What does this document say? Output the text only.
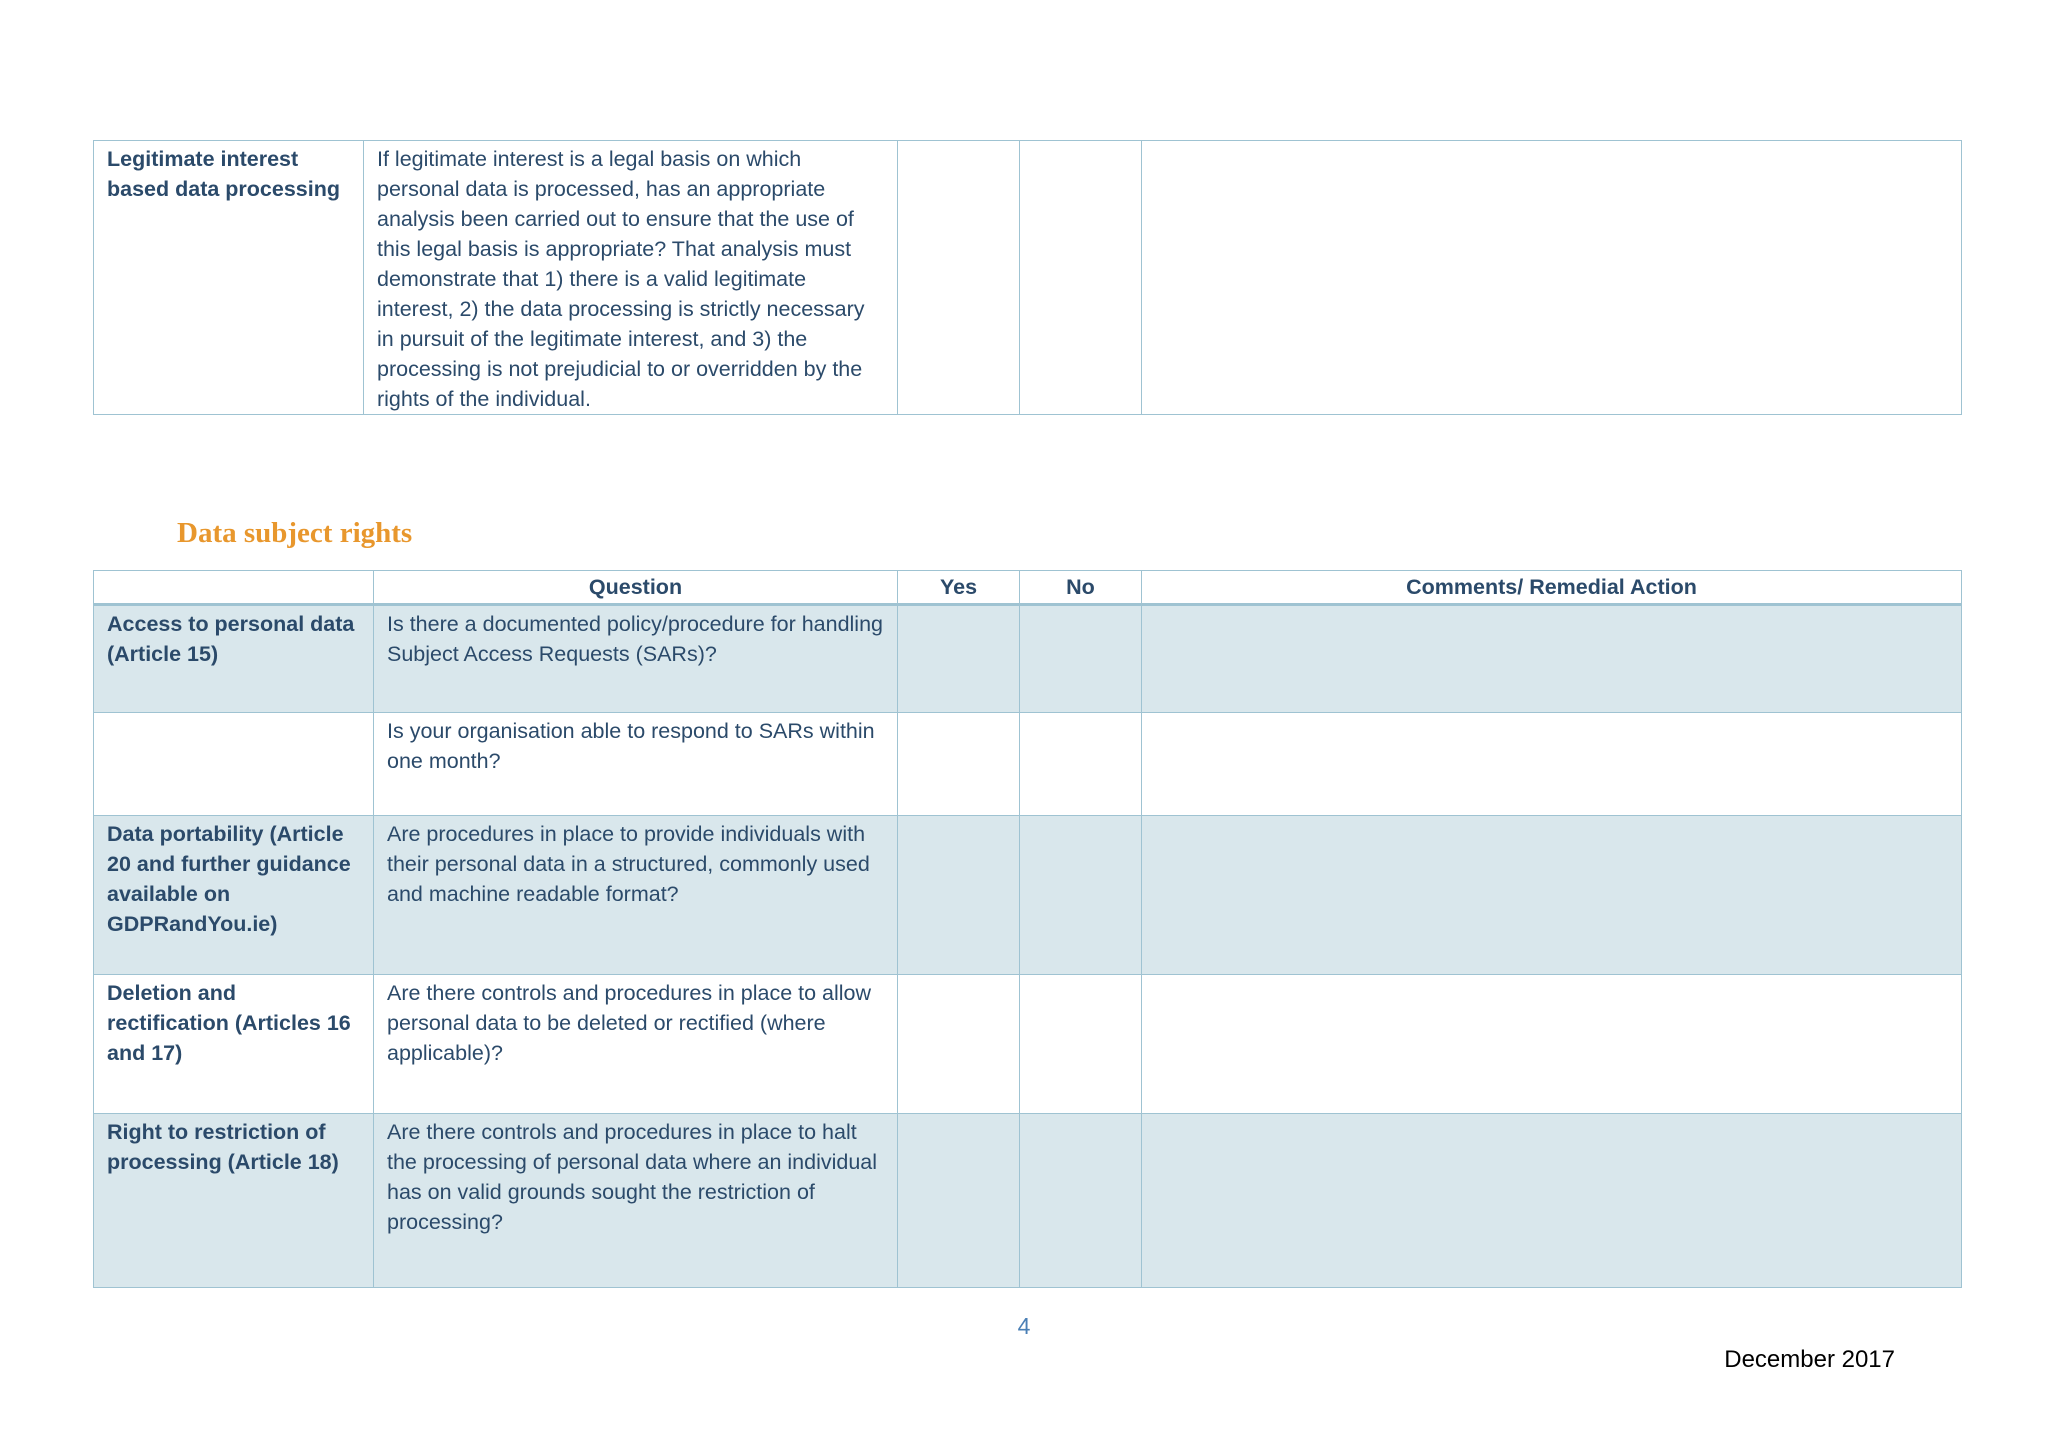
Legitimate interest based data processing	If legitimate interest is a legal basis on which personal data is processed, has an appropriate analysis been carried out to ensure that the use of this legal basis is appropriate? That analysis must demonstrate that 1) there is a valid legitimate interest, 2) the data processing is strictly necessary in pursuit of the legitimate interest, and 3) the processing is not prejudicial to or overridden by the rights of the individual.			
Data subject rights
	Question	Yes	No	Comments/ Remedial Action
Access to personal data (Article 15)	Is there a documented policy/procedure for handling Subject Access Requests (SARs)?			
	Is your organisation able to respond to SARs within one month?			
Data portability (Article 20 and further guidance available on GDPRandYou.ie)	Are procedures in place to provide individuals with their personal data in a structured, commonly used and machine readable format?			
Deletion and rectification (Articles 16 and 17)	Are there controls and procedures in place to allow personal data to be deleted or rectified (where applicable)?			
Right to restriction of processing (Article 18)	Are there controls and procedures in place to halt the processing of personal data where an individual has on valid grounds sought the restriction of processing?			
4
December 2017
